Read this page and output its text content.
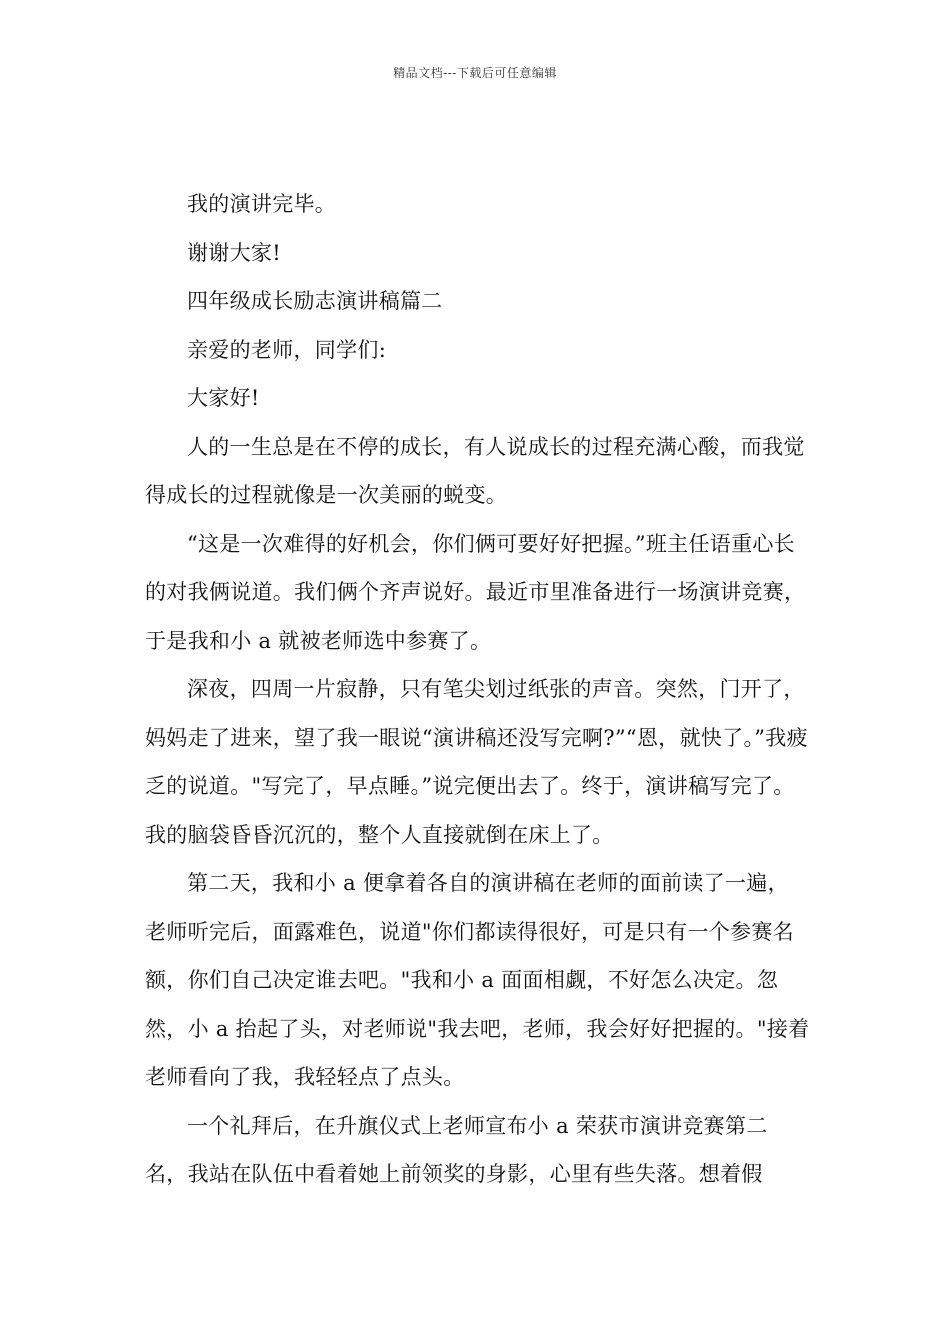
精品文档---下载后可任意编辑

我的演讲完毕。

谢谢大家!

四年级成长励志演讲稿篇二

亲爱的老师，同学们:

大家好!

人的一生总是在不停的成长，有人说成长的过程充满心酸，而我觉得成长的过程就像是一次美丽的蜕变。

“这是一次难得的好机会，你们俩可要好好把握。”班主任语重心长的对我俩说道。我们俩个齐声说好。最近市里准备进行一场演讲竞赛，于是我和小 a 就被老师选中参赛了。

深夜，四周一片寂静，只有笔尖划过纸张的声音。突然，门开了，妈妈走了进来，望了我一眼说“演讲稿还没写完啊?”“恩，就快了。”我疲乏的说道。"写完了，早点睡。”说完便出去了。终于，演讲稿写完了。我的脑袋昏昏沉沉的，整个人直接就倒在床上了。

第二天，我和小 a 便拿着各自的演讲稿在老师的面前读了一遍，老师听完后，面露难色，说道"你们都读得很好，可是只有一个参赛名额，你们自己决定谁去吧。"我和小 a 面面相觑，不好怎么决定。忽然，小 a 抬起了头，对老师说"我去吧，老师，我会好好把握的。"接着老师看向了我，我轻轻点了点头。

一个礼拜后，在升旗仪式上老师宣布小 a 荣获市演讲竞赛第二名，我站在队伍中看着她上前领奖的身影，心里有些失落。想着假
